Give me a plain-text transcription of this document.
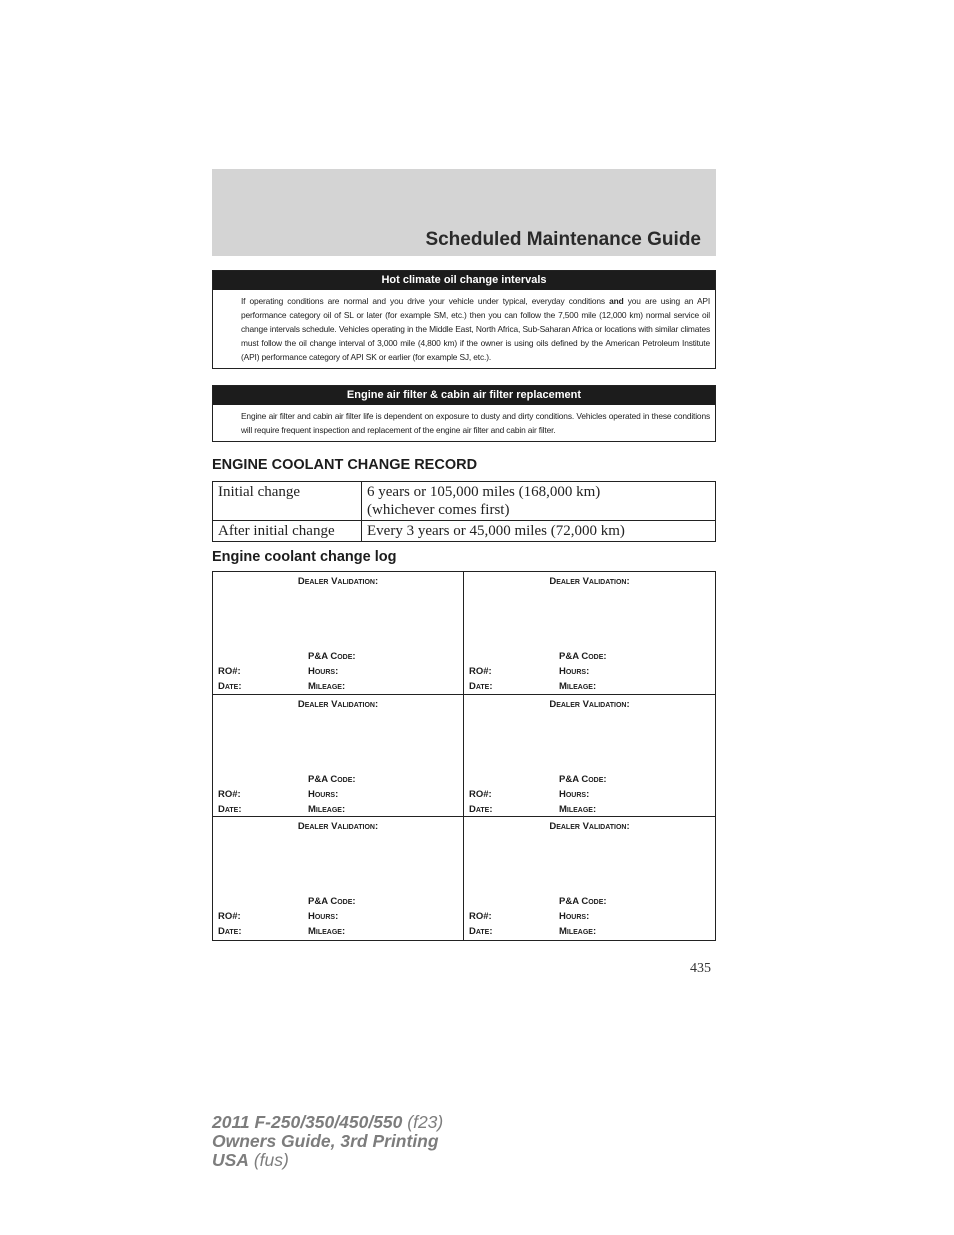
Scheduled Maintenance Guide
Hot climate oil change intervals
If operating conditions are normal and you drive your vehicle under typical, everyday conditions and you are using an API performance category oil of SL or later (for example SM, etc.) then you can follow the 7,500 mile (12,000 km) normal service oil change intervals schedule. Vehicles operating in the Middle East, North Africa, Sub-Saharan Africa or locations with similar climates must follow the oil change interval of 3,000 mile (4,800 km) if the owner is using oils defined by the American Petroleum Institute (API) performance category of API SK or earlier (for example SJ, etc.).
Engine air filter & cabin air filter replacement
Engine air filter and cabin air filter life is dependent on exposure to dusty and dirty conditions. Vehicles operated in these conditions will require frequent inspection and replacement of the engine air filter and cabin air filter.
ENGINE COOLANT CHANGE RECORD
Initial change	6 years or 105,000 miles (168,000 km)
(whichever comes first)
After initial change	Every 3 years or 45,000 miles (72,000 km)
Engine coolant change log
Dealer Validation:
P&A Code:
RO#:	Hours:
Date:	Mileage:
Dealer Validation:
P&A Code:
RO#:	Hours:
Date:	Mileage:
Dealer Validation:
P&A Code:
RO#:	Hours:
Date:	Mileage:
Dealer Validation:
P&A Code:
RO#:	Hours:
Date:	Mileage:
Dealer Validation:
P&A Code:
RO#:	Hours:
Date:	Mileage:
Dealer Validation:
P&A Code:
RO#:	Hours:
Date:	Mileage:
435
2011 F-250/350/450/550 (f23)
Owners Guide, 3rd Printing
USA (fus)
